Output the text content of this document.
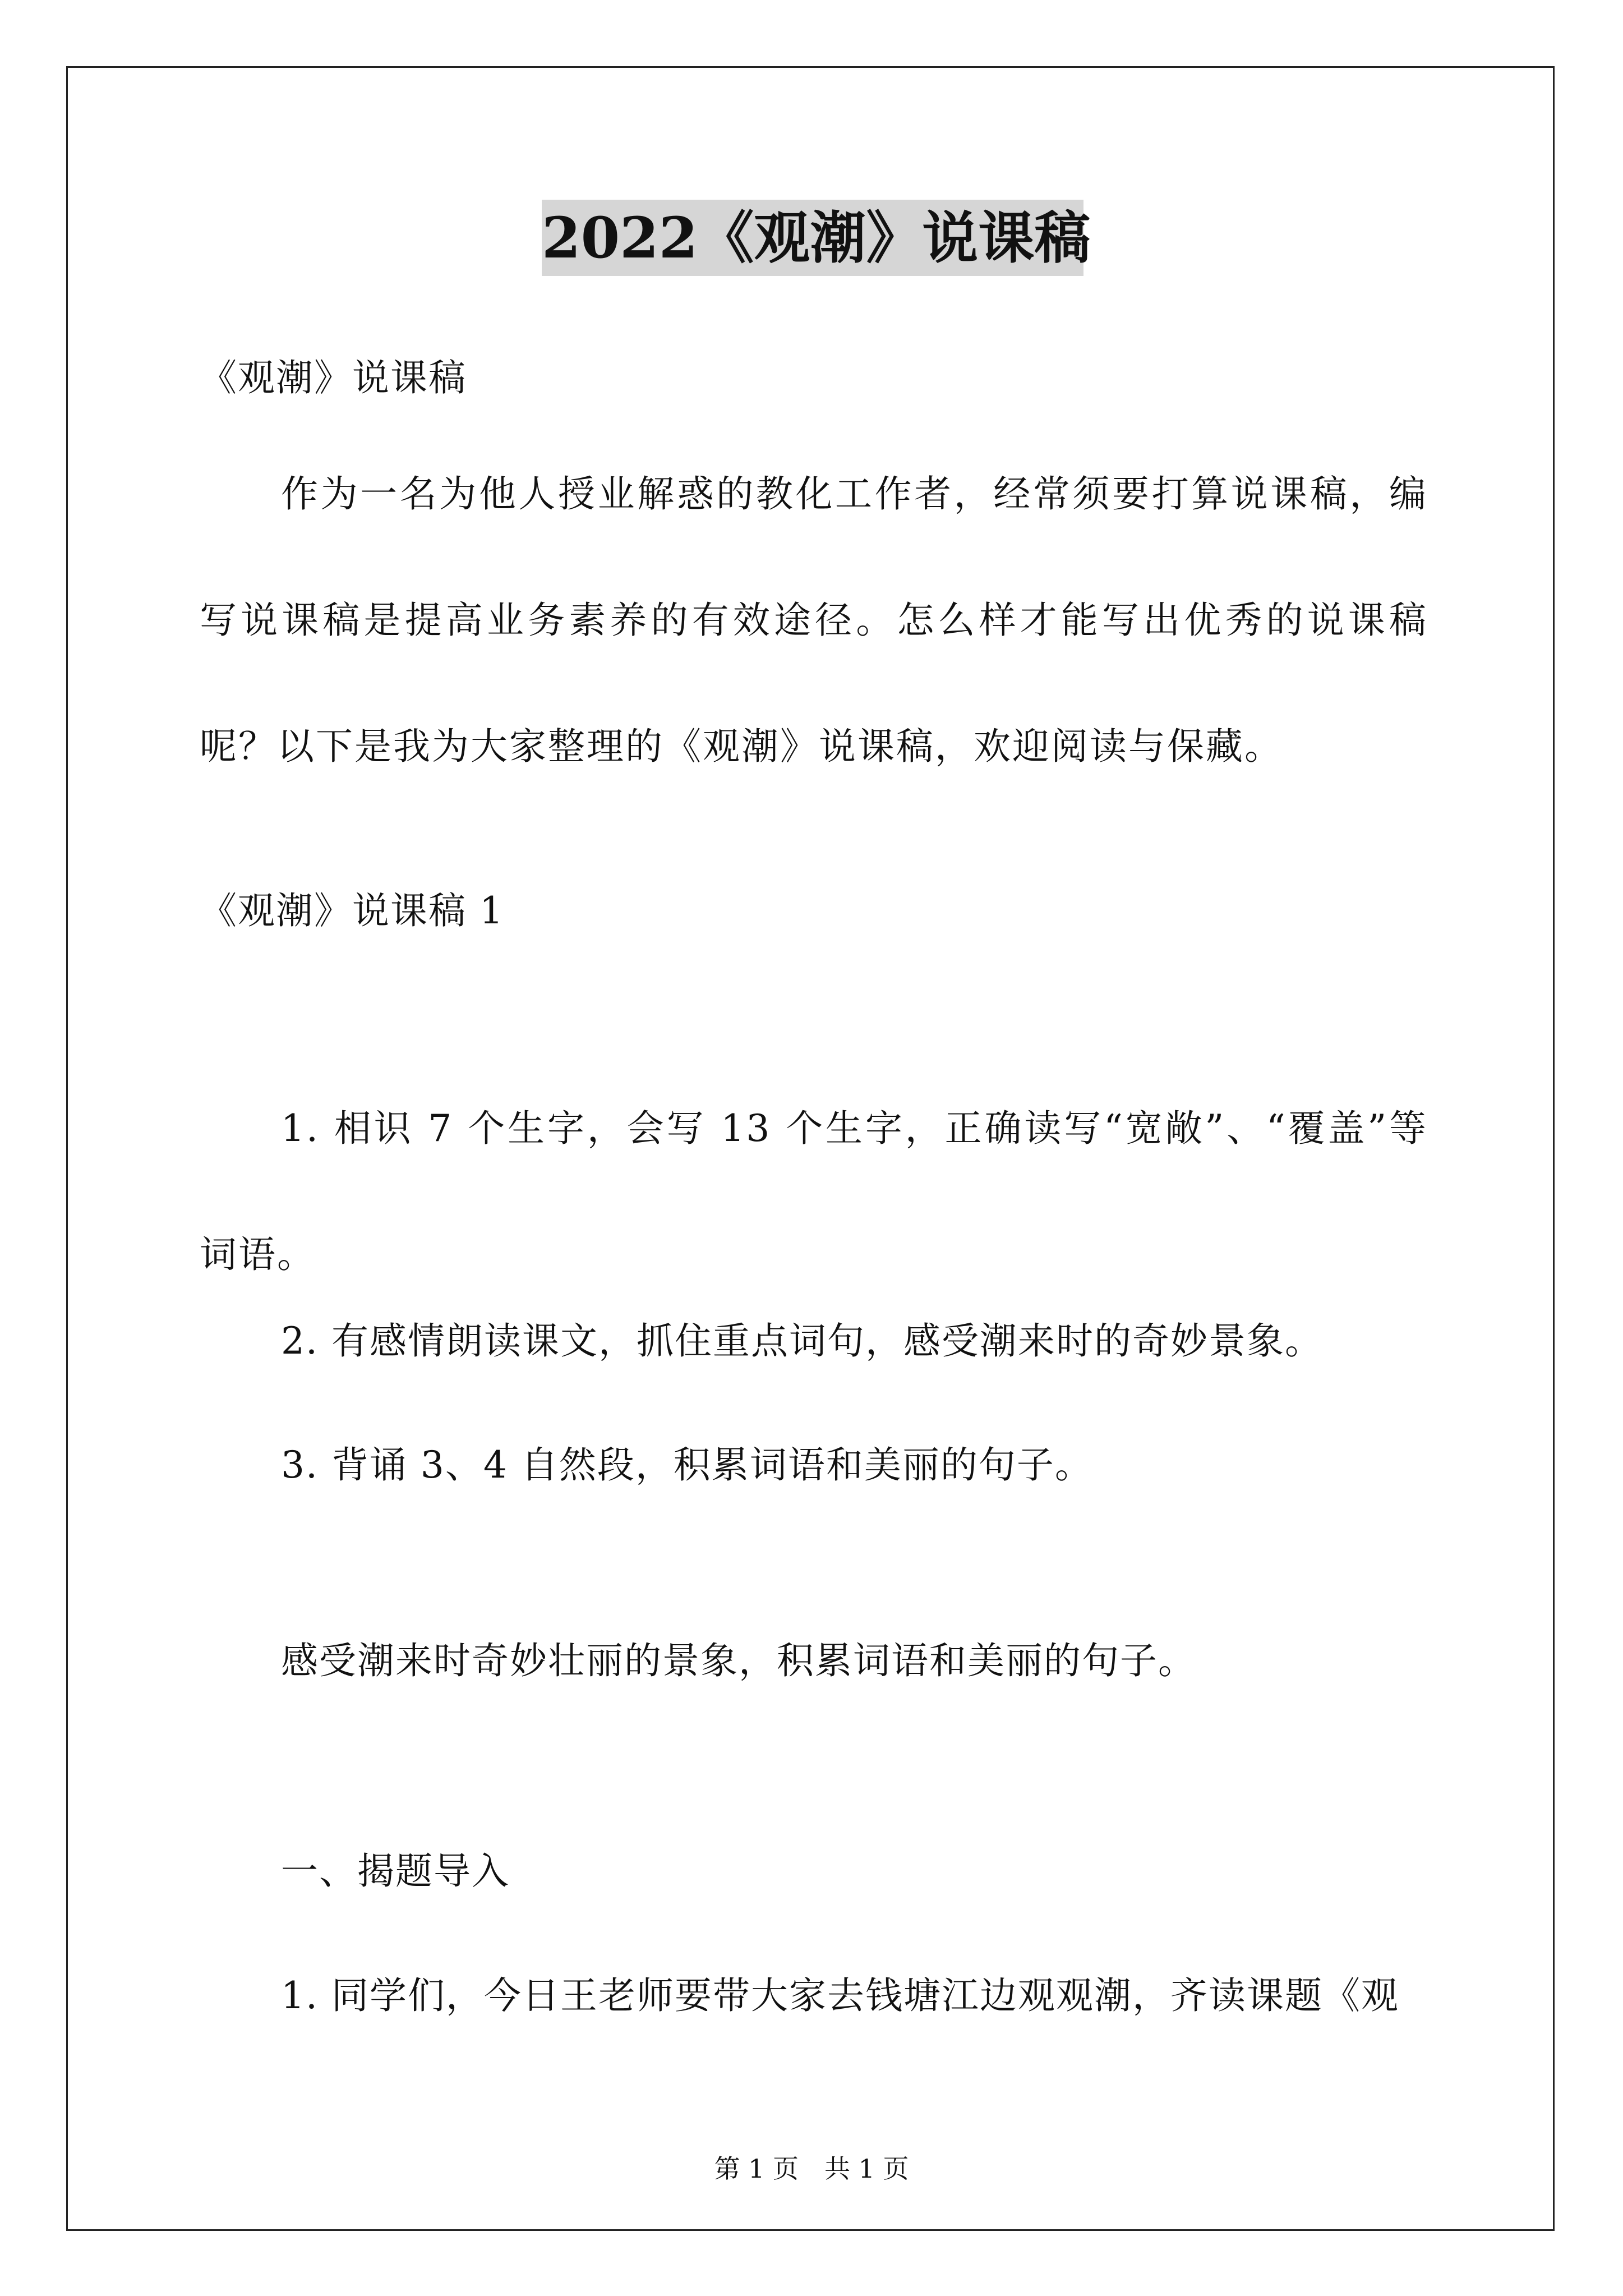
2022《观潮》说课稿
《观潮》说课稿
作为一名为他人授业解惑的教化工作者，经常须要打算说课稿，编写说课稿是提高业务素养的有效途径。怎么样才能写出优秀的说课稿呢？以下是我为大家整理的《观潮》说课稿，欢迎阅读与保藏。
《观潮》说课稿 1
1. 相识 7 个生字，会写 13 个生字，正确读写“宽敞”、“覆盖”等词语。
2. 有感情朗读课文，抓住重点词句，感受潮来时的奇妙景象。
3. 背诵 3、4 自然段，积累词语和美丽的句子。
感受潮来时奇妙壮丽的景象，积累词语和美丽的句子。
一、揭题导入
1. 同学们，今日王老师要带大家去钱塘江边观观潮，齐读课题《观
第 1 页　共 1 页
